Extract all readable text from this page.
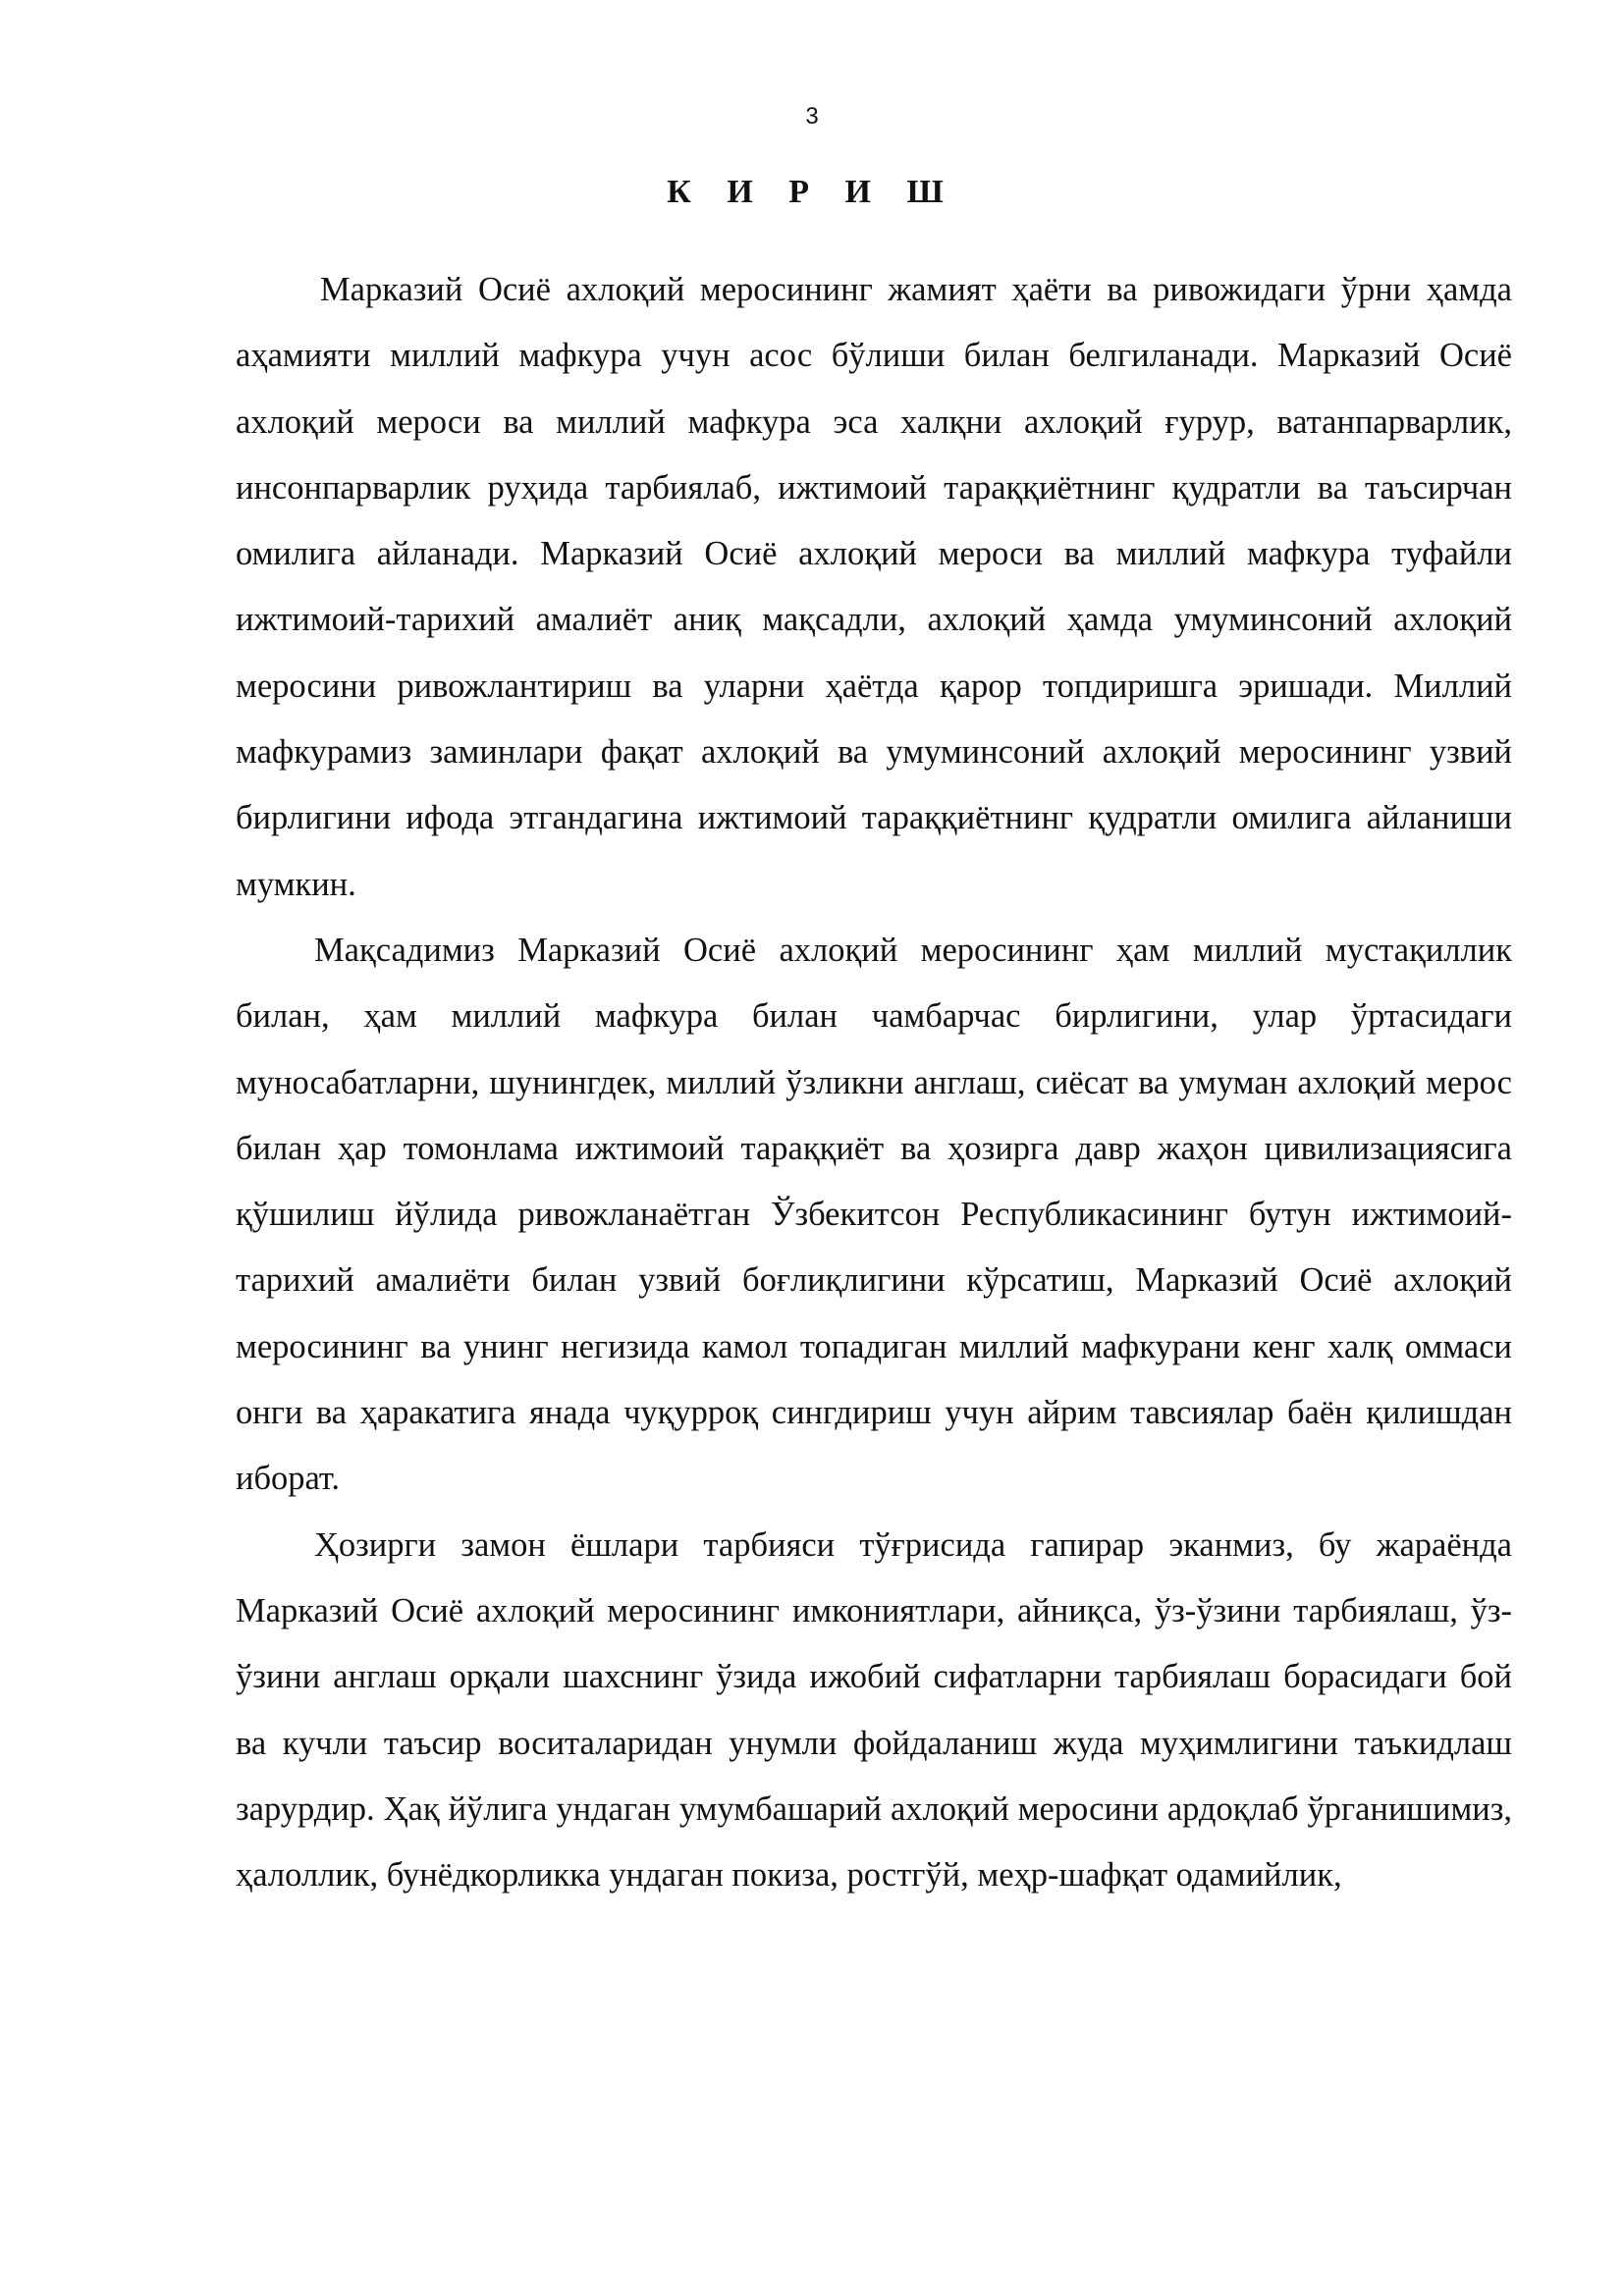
3
К И Р И Ш

Марказий Осиё ахлоқий меросининг жамият ҳаёти ва ривожидаги ўрни ҳамда аҳамияти миллий мафкура учун асос бўлиши билан белгиланади. Марказий Осиё ахлоқий мероси ва миллий мафкура эса халқни ахлоқий ғурур, ватанпарварлик, инсонпарварлик руҳида тарбиялаб, ижтимоий тараққиётнинг қудратли ва таъсирчан омилига айланади. Марказий Осиё ахлоқий мероси ва миллий мафкура туфайли ижтимоий-тарихий амалиёт аниқ мақсадли, ахлоқий ҳамда умуминсоний ахлоқий меросини ривожлантириш ва уларни ҳаётда қарор топдиришга эришади. Миллий мафкурамиз заминлари фақат ахлоқий ва умуминсоний ахлоқий меросининг узвий бирлигини ифода этгандагина ижтимоий тараққиётнинг қудратли омилига айланиши мумкин.

Мақсадимиз Марказий Осиё ахлоқий меросининг ҳам миллий мустақиллик билан, ҳам миллий мафкура билан чамбарчас бирлигини, улар ўртасидаги муносабатларни, шунингдек, миллий ўзликни англаш, сиёсат ва умуман ахлоқий мерос билан ҳар томонлама ижтимоий тараққиёт ва ҳозирга давр жаҳон цивилизациясига қўшилиш йўлида ривожланаётган Ўзбекитсон Республикасининг бутун ижтимоий-тарихий амалиёти билан узвий боғлиқлигини кўрсатиш, Марказий Осиё ахлоқий меросининг ва унинг негизида камол топадиган миллий мафкурани кенг халқ оммаси онги ва ҳаракатига янада чуқурроқ сингдириш учун айрим тавсиялар баён қилишдан иборат.

Ҳозирги замон ёшлари тарбияси тўғрисида гапирар эканмиз, бу жараёнда Марказий Осиё ахлоқий меросининг имкониятлари, айниқса, ўз-ўзини тарбиялаш, ўз-ўзини англаш орқали шахснинг ўзида ижобий сифатларни тарбиялаш борасидаги бой ва кучли таъсир воситаларидан унумли фойдаланиш жуда муҳимлигини таъкидлаш зарурдир. Ҳақ йўлига ундаган умумбашарий ахлоқий меросини ардоқлаб ўрганишимиз, ҳалоллик, бунёдкорликка ундаган покиза, ростгўй, меҳр-шафқат одамийлик,
